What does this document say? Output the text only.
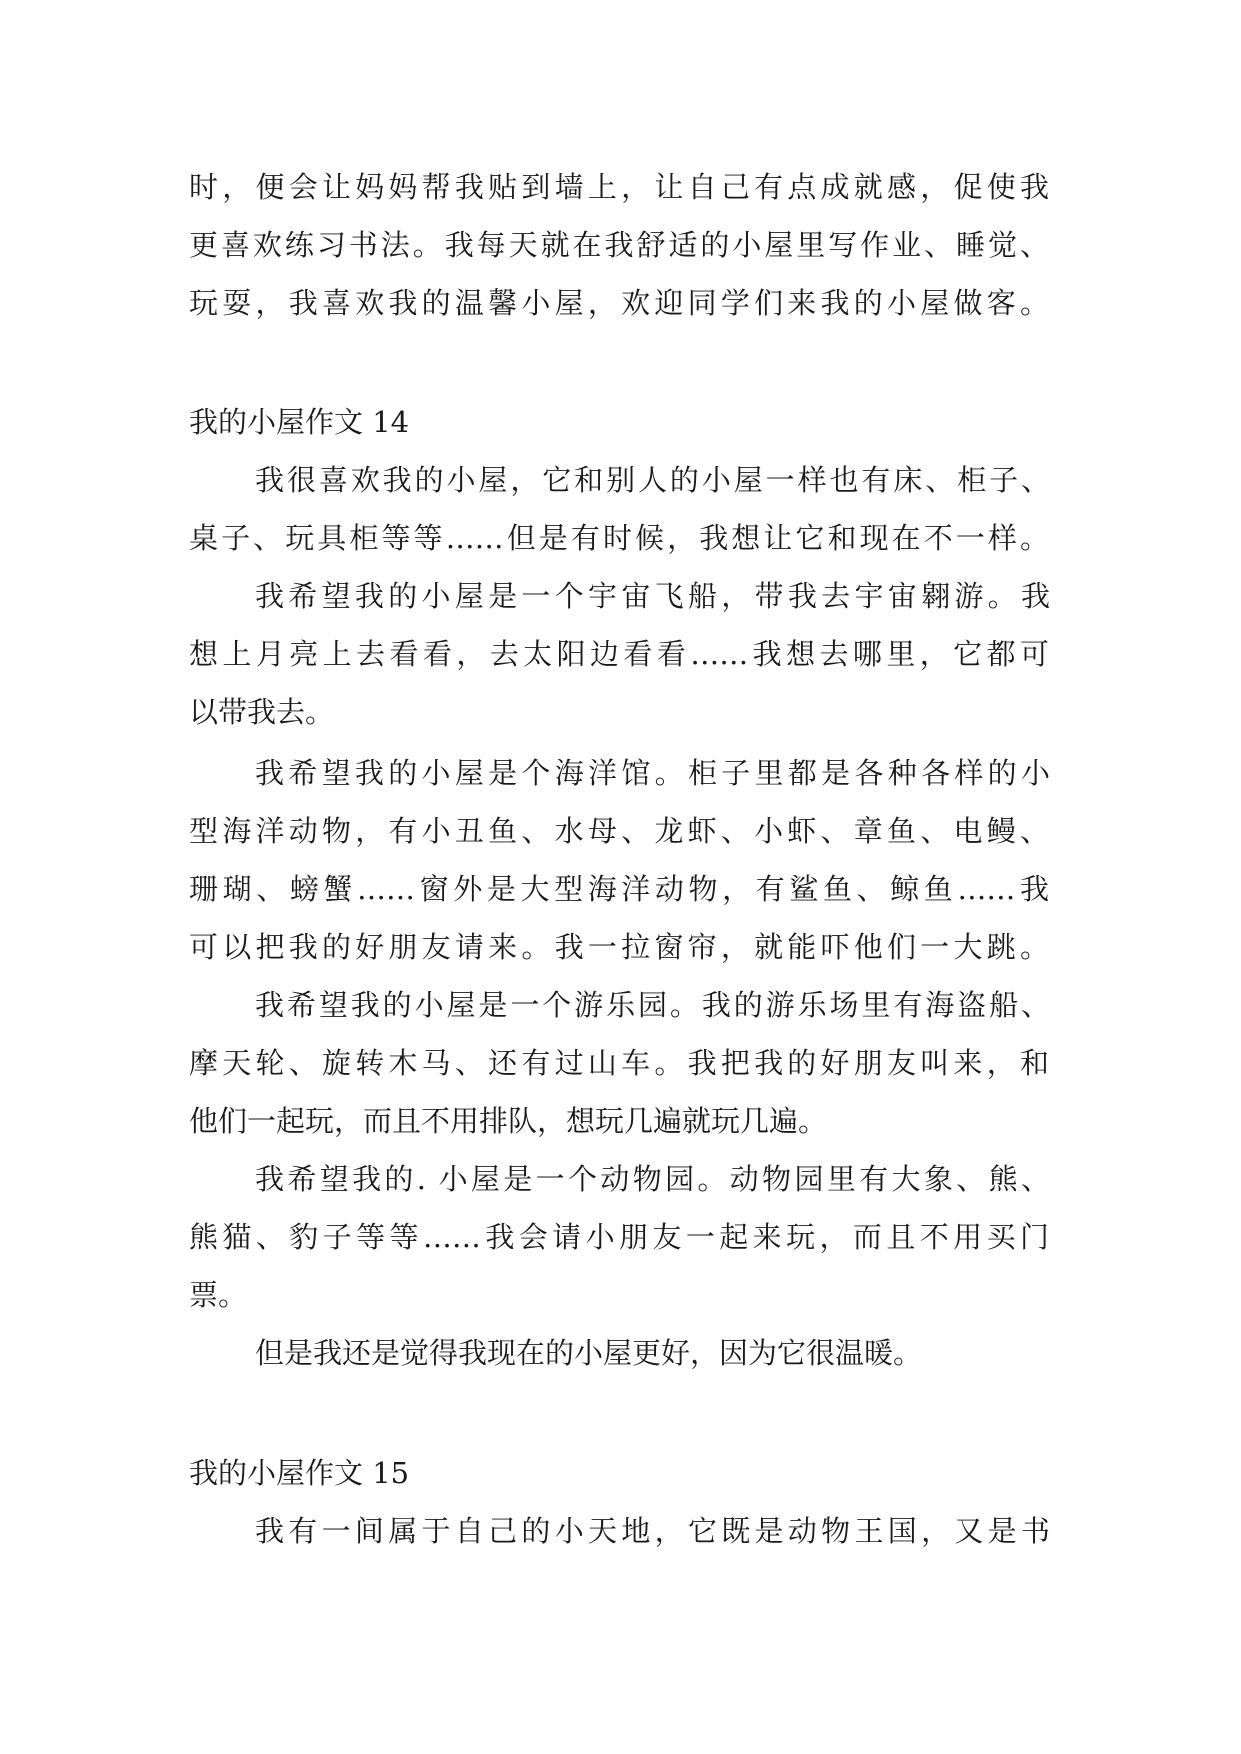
时，便会让妈妈帮我贴到墙上，让自己有点成就感，促使我
更喜欢练习书法。我每天就在我舒适的小屋里写作业、睡觉、
玩耍，我喜欢我的温馨小屋，欢迎同学们来我的小屋做客。
我的小屋作文 14
我很喜欢我的小屋，它和别人的小屋一样也有床、柜子、
桌子、玩具柜等等……但是有时候，我想让它和现在不一样。
我希望我的小屋是一个宇宙飞船，带我去宇宙翱游。我
想上月亮上去看看，去太阳边看看……我想去哪里，它都可
以带我去。
我希望我的小屋是个海洋馆。柜子里都是各种各样的小
型海洋动物，有小丑鱼、水母、龙虾、小虾、章鱼、电鳗、
珊瑚、螃蟹……窗外是大型海洋动物，有鲨鱼、鲸鱼……我
可以把我的好朋友请来。我一拉窗帘，就能吓他们一大跳。
我希望我的小屋是一个游乐园。我的游乐场里有海盗船、
摩天轮、旋转木马、还有过山车。我把我的好朋友叫来，和
他们一起玩，而且不用排队，想玩几遍就玩几遍。
我希望我的. 小屋是一个动物园。动物园里有大象、熊、
熊猫、豹子等等……我会请小朋友一起来玩，而且不用买门
票。
但是我还是觉得我现在的小屋更好，因为它很温暖。
我的小屋作文 15
我有一间属于自己的小天地，它既是动物王国，又是书
